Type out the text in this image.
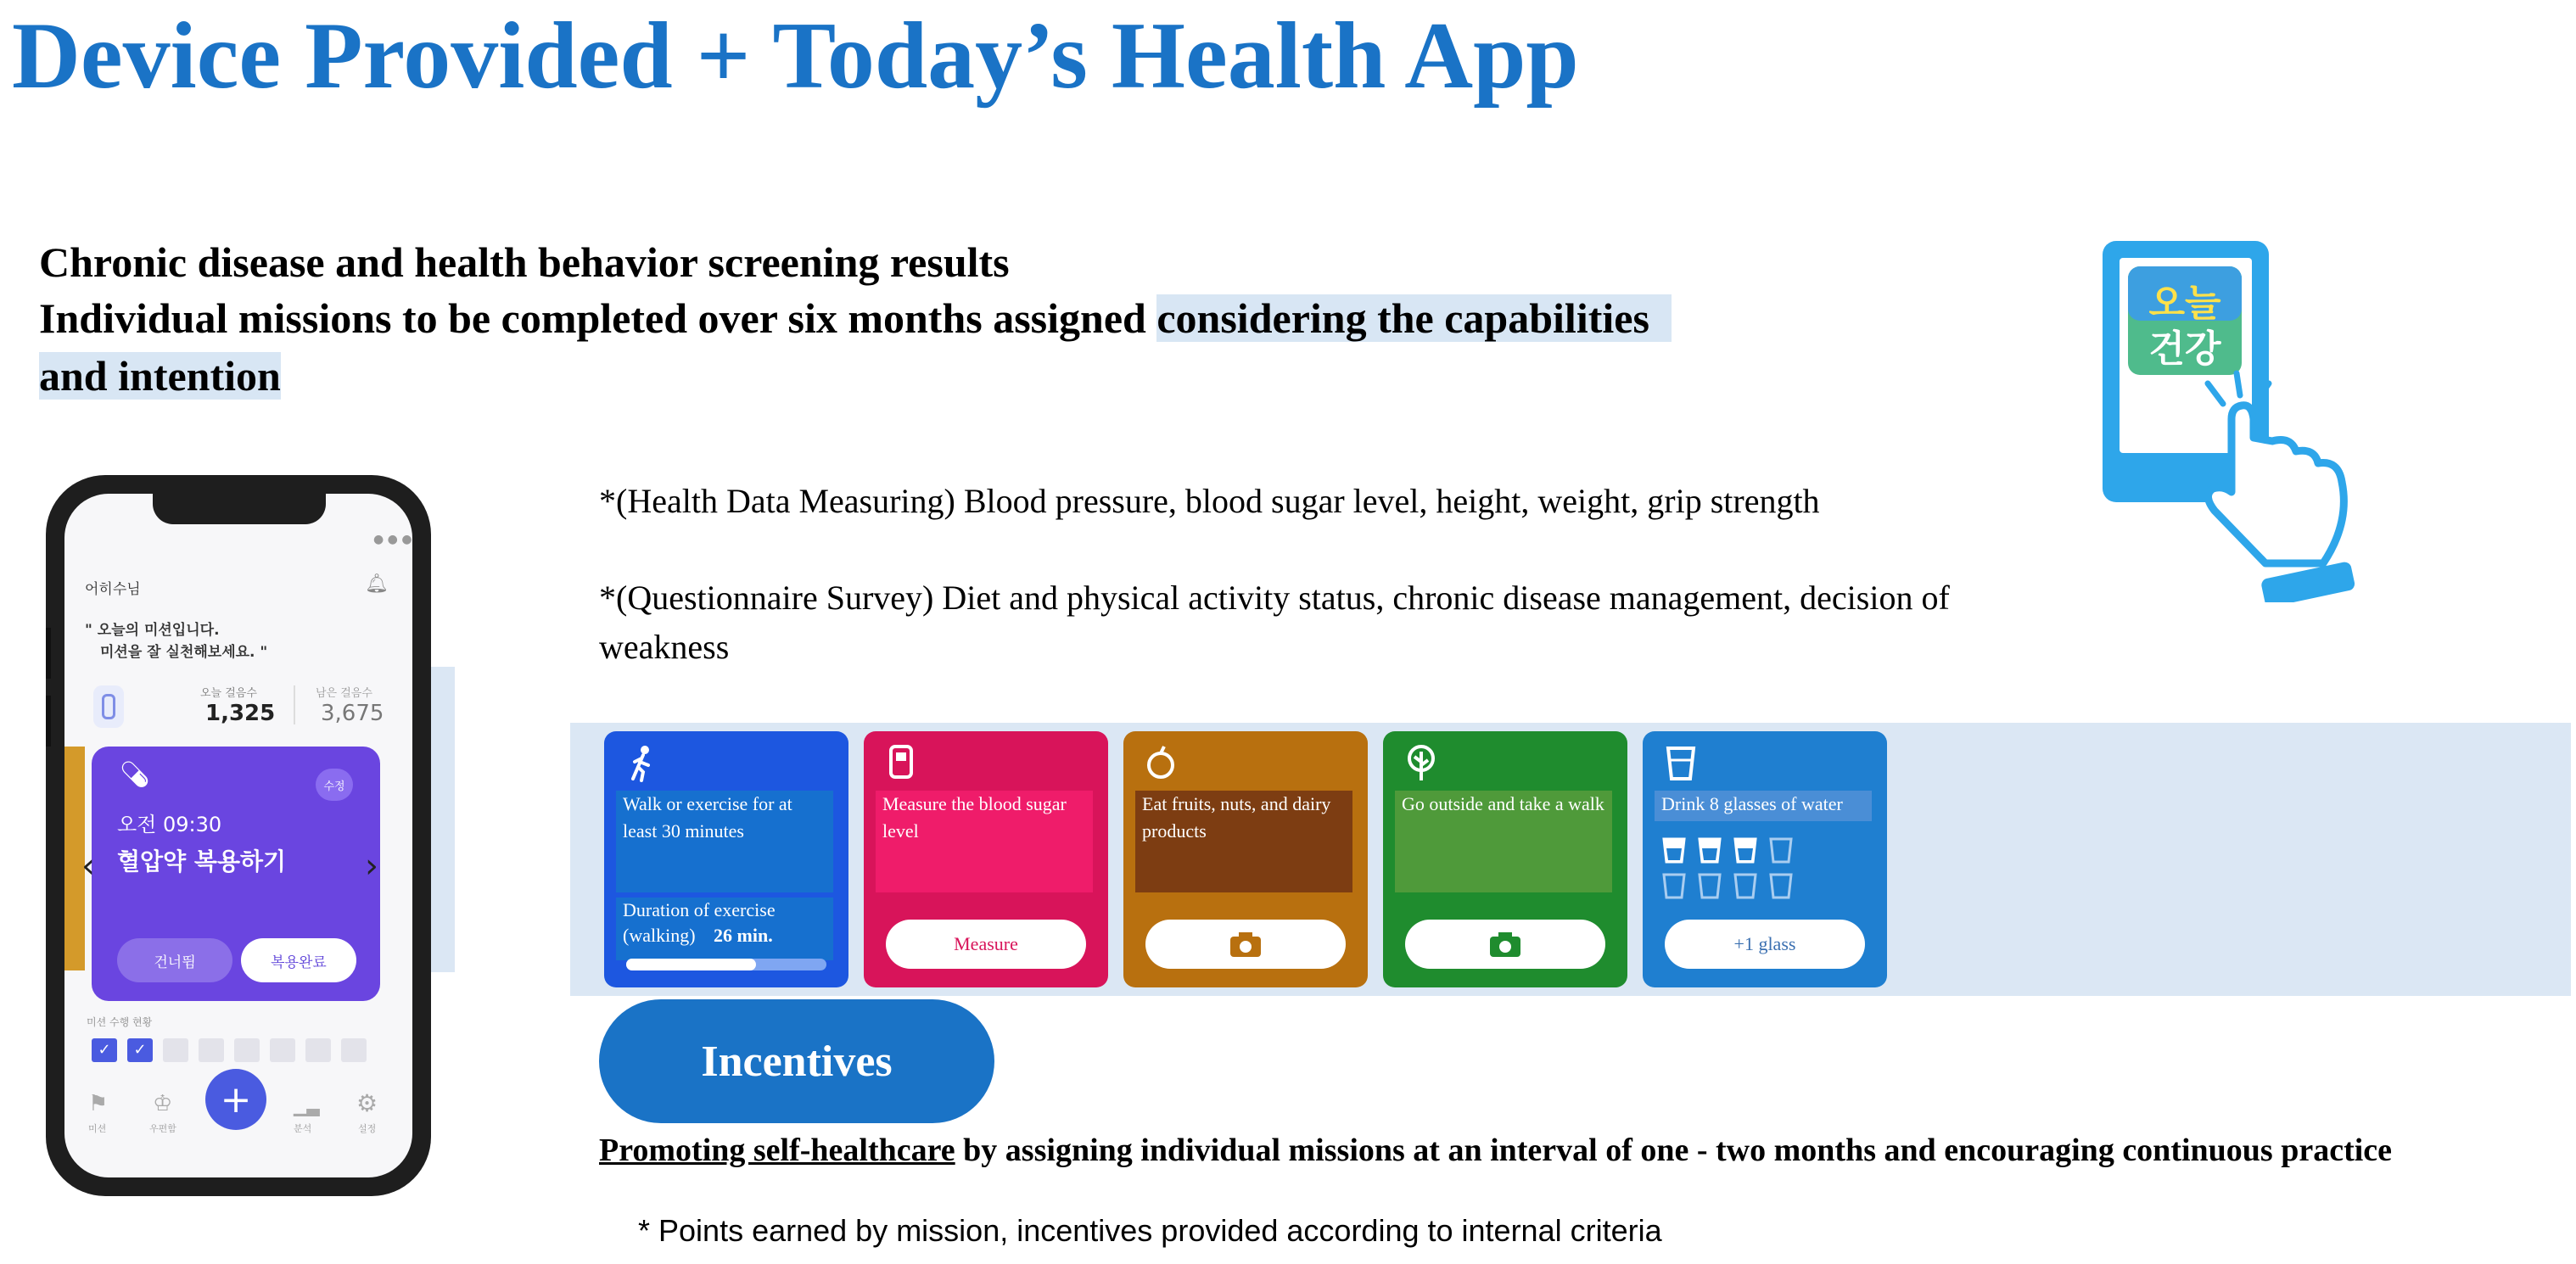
Device Provided + Today’s Health App
Chronic disease and health behavior screening results
Individual missions to be completed over six months assigned considering the capabilities
and intention
오늘
건강
*(Health Data Measuring) Blood pressure, blood sugar level, height, weight, grip strength
*(Questionnaire Survey) Diet and physical activity status, chronic disease management, decision of weakness
● ● ●
어히수님	🔔︎
" 오늘의 미션입니다.
미션을 잘 실천해보세요. "
오늘 걸음수
1,325
남은 걸음수
3,675
💊︎	수정
오전 09:30
혈압약 복용하기
‹	›
건너뜀	복용완료
미션 수행 현황
⚑
미션
♔
우편함
+	▁▃
분석
⚙
설정
Walk or exercise for at least 30 minutes
Duration of exercise (walking) 26 min.
Measure the blood sugar level
Measure
Eat fruits, nuts, and dairy products
Go outside and take a walk	Drink 8 glasses of water
+1 glass
Incentives
Promoting self-healthcare by assigning individual missions at an interval of one - two months and encouraging continuous practice
* Points earned by mission, incentives provided according to internal criteria
✓	✓
